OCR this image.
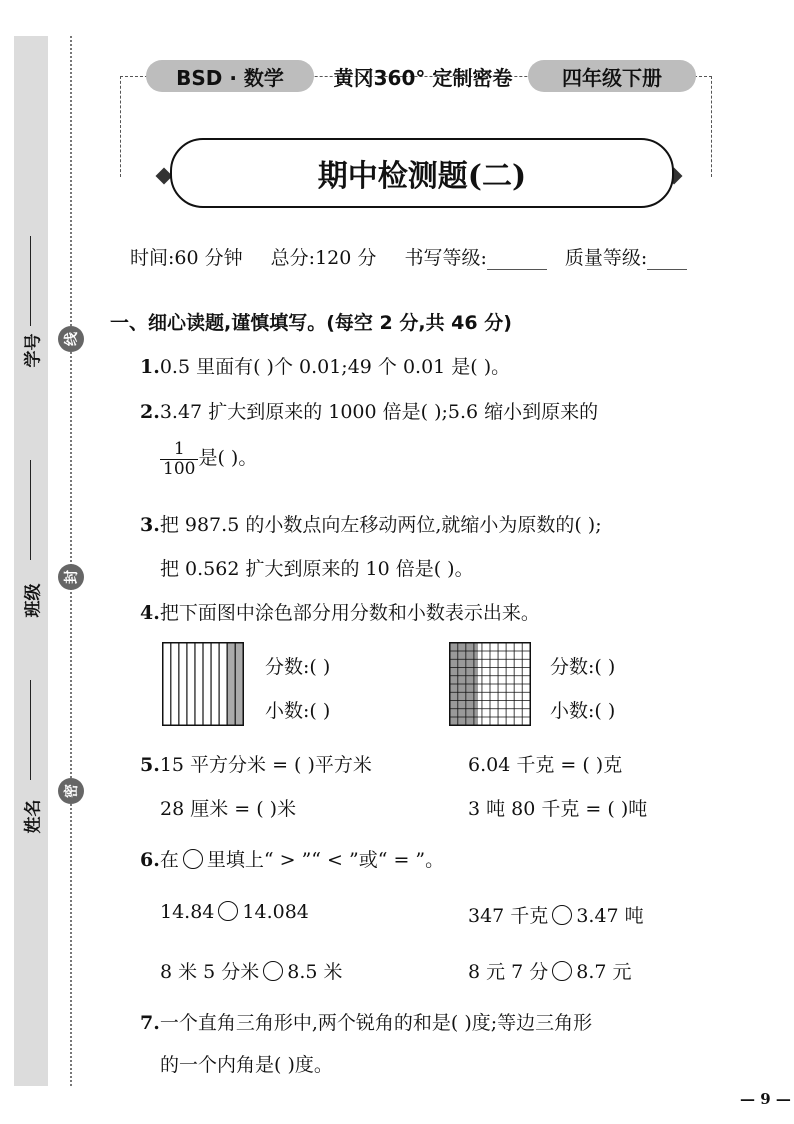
学号
班级
姓名
线
封
密
BSD · 数学	黄冈360° 定制密卷	四年级下册
期中检测题(二)
时间:60 分钟 总分:120 分 书写等级:	质量等级:
一、细心读题,谨慎填写。(每空 2 分,共 46 分)
1.0.5 里面有( )个 0.01;49 个 0.01 是( )。
2.3.47 扩大到原来的 1000 倍是( );5.6 缩小到原来的
$\frac{1}{100}$ 是( )。
3.把 987.5 的小数点向左移动两位,就缩小为原数的( );
把 0.562 扩大到原来的 10 倍是( )。
4.把下面图中涂色部分用分数和小数表示出来。
分数:( )
小数:( )
分数:( )
小数:( )
5.15 平方分米 = ( )平方米	6.04 千克 = ( )克
28 厘米 = ( )米	3 吨 80 千克 = ( )吨
6.在 里填上“ > ”“ < ”或“ = ”。
14.84 14.084	347 千克 3.47 吨
8 米 5 分米 8.5 米	8 元 7 分 8.7 元
7.一个直角三角形中,两个锐角的和是( )度;等边三角形
的一个内角是( )度。
— 9 —
